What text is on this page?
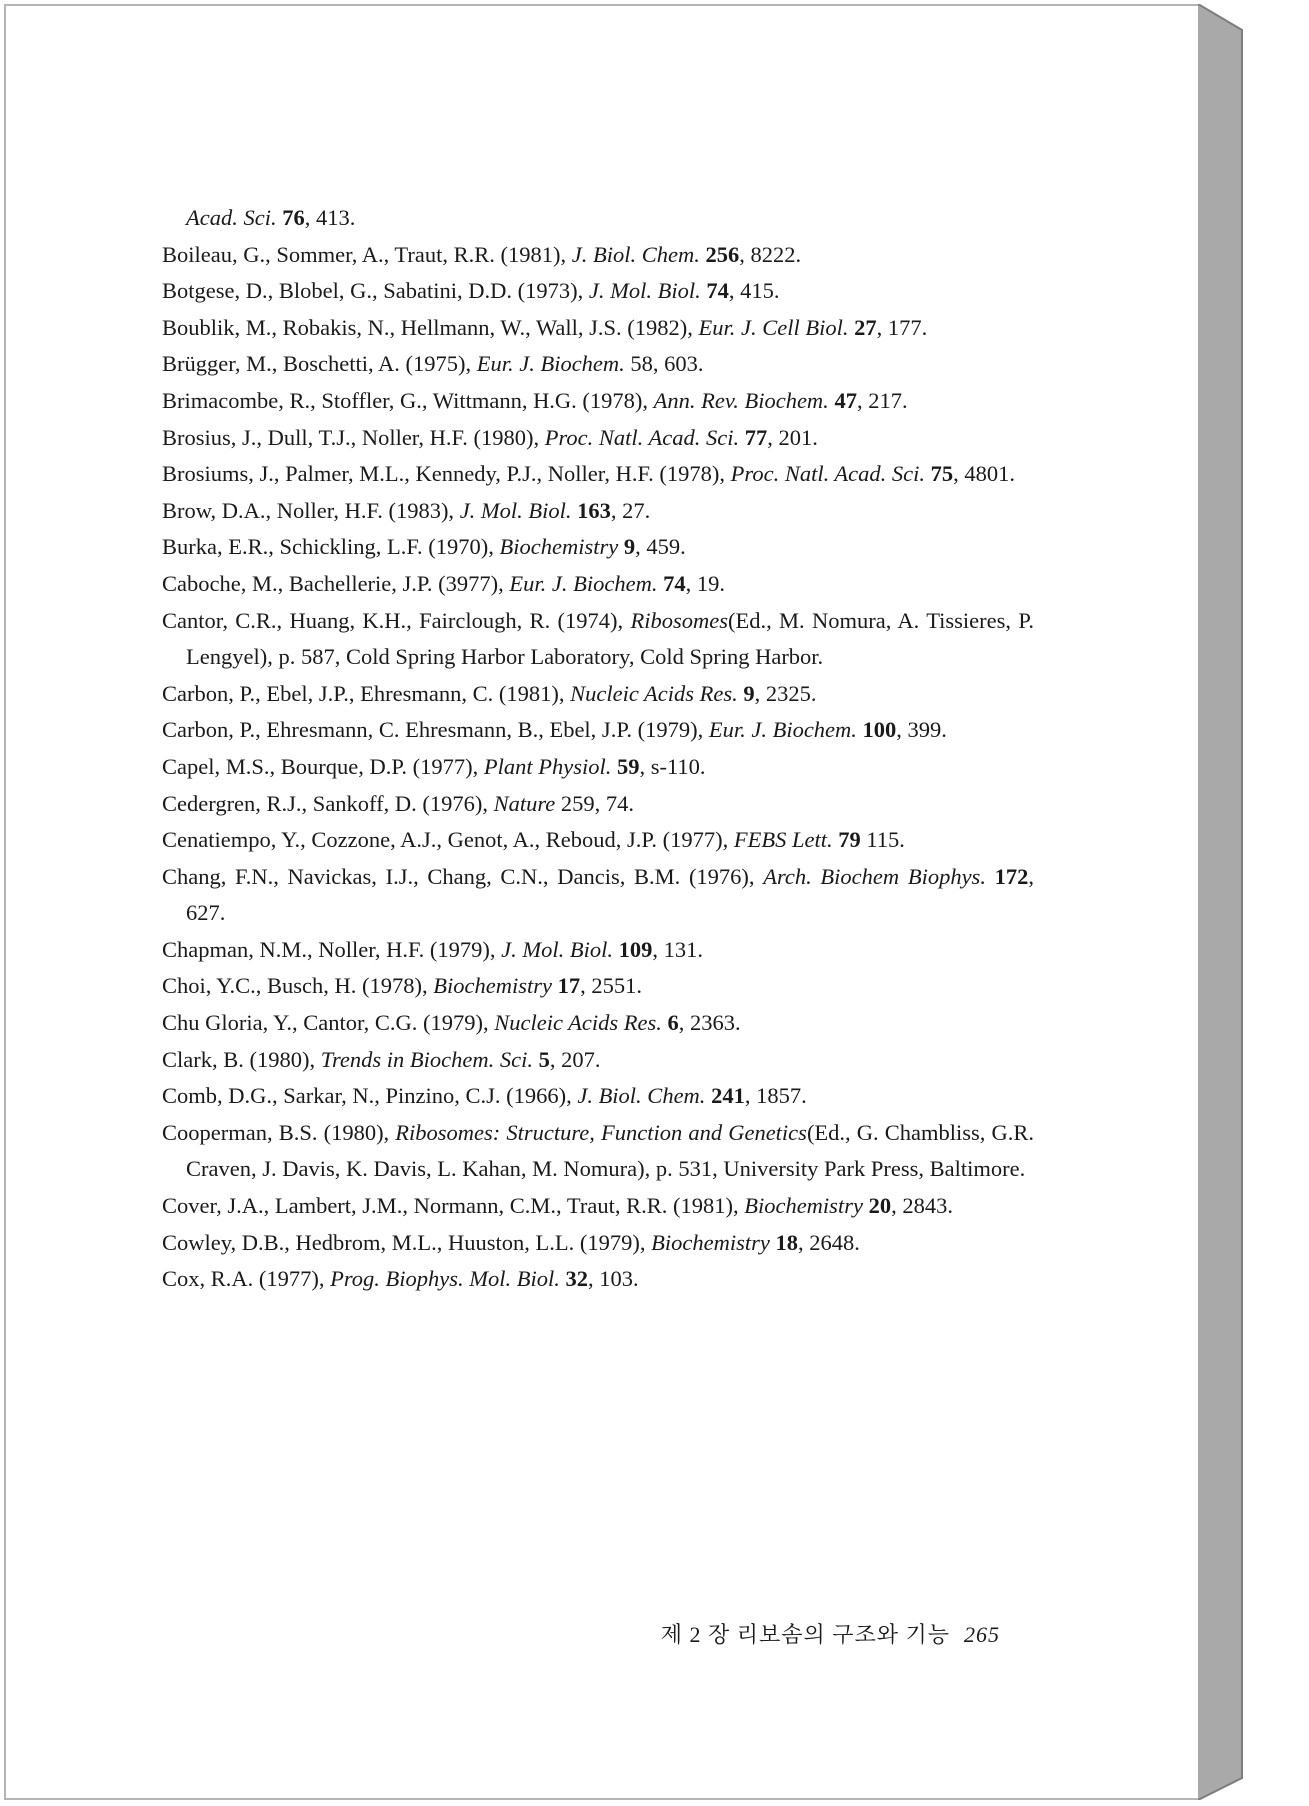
Acad. Sci. 76, 413.
Boileau, G., Sommer, A., Traut, R.R. (1981), J. Biol. Chem. 256, 8222.
Botgese, D., Blobel, G., Sabatini, D.D. (1973), J. Mol. Biol. 74, 415.
Boublik, M., Robakis, N., Hellmann, W., Wall, J.S. (1982), Eur. J. Cell Biol. 27, 177.
Brügger, M., Boschetti, A. (1975), Eur. J. Biochem. 58, 603.
Brimacombe, R., Stoffler, G., Wittmann, H.G. (1978), Ann. Rev. Biochem. 47, 217.
Brosius, J., Dull, T.J., Noller, H.F. (1980), Proc. Natl. Acad. Sci. 77, 201.
Brosiums, J., Palmer, M.L., Kennedy, P.J., Noller, H.F. (1978), Proc. Natl. Acad. Sci. 75, 4801.
Brow, D.A., Noller, H.F. (1983), J. Mol. Biol. 163, 27.
Burka, E.R., Schickling, L.F. (1970), Biochemistry 9, 459.
Caboche, M., Bachellerie, J.P. (3977), Eur. J. Biochem. 74, 19.
Cantor, C.R., Huang, K.H., Fairclough, R. (1974), Ribosomes(Ed., M. Nomura, A. Tissieres, P. Lengyel), p. 587, Cold Spring Harbor Laboratory, Cold Spring Harbor.
Carbon, P., Ebel, J.P., Ehresmann, C. (1981), Nucleic Acids Res. 9, 2325.
Carbon, P., Ehresmann, C. Ehresmann, B., Ebel, J.P. (1979), Eur. J. Biochem. 100, 399.
Capel, M.S., Bourque, D.P. (1977), Plant Physiol. 59, s-110.
Cedergren, R.J., Sankoff, D. (1976), Nature 259, 74.
Cenatiempo, Y., Cozzone, A.J., Genot, A., Reboud, J.P. (1977), FEBS Lett. 79 115.
Chang, F.N., Navickas, I.J., Chang, C.N., Dancis, B.M. (1976), Arch. Biochem Biophys. 172, 627.
Chapman, N.M., Noller, H.F. (1979), J. Mol. Biol. 109, 131.
Choi, Y.C., Busch, H. (1978), Biochemistry 17, 2551.
Chu Gloria, Y., Cantor, C.G. (1979), Nucleic Acids Res. 6, 2363.
Clark, B. (1980), Trends in Biochem. Sci. 5, 207.
Comb, D.G., Sarkar, N., Pinzino, C.J. (1966), J. Biol. Chem. 241, 1857.
Cooperman, B.S. (1980), Ribosomes: Structure, Function and Genetics(Ed., G. Chambliss, G.R. Craven, J. Davis, K. Davis, L. Kahan, M. Nomura), p. 531, University Park Press, Baltimore.
Cover, J.A., Lambert, J.M., Normann, C.M., Traut, R.R. (1981), Biochemistry 20, 2843.
Cowley, D.B., Hedbrom, M.L., Huuston, L.L. (1979), Biochemistry 18, 2648.
Cox, R.A. (1977), Prog. Biophys. Mol. Biol. 32, 103.
제 2 장 리보솜의 구조와 기능 265
